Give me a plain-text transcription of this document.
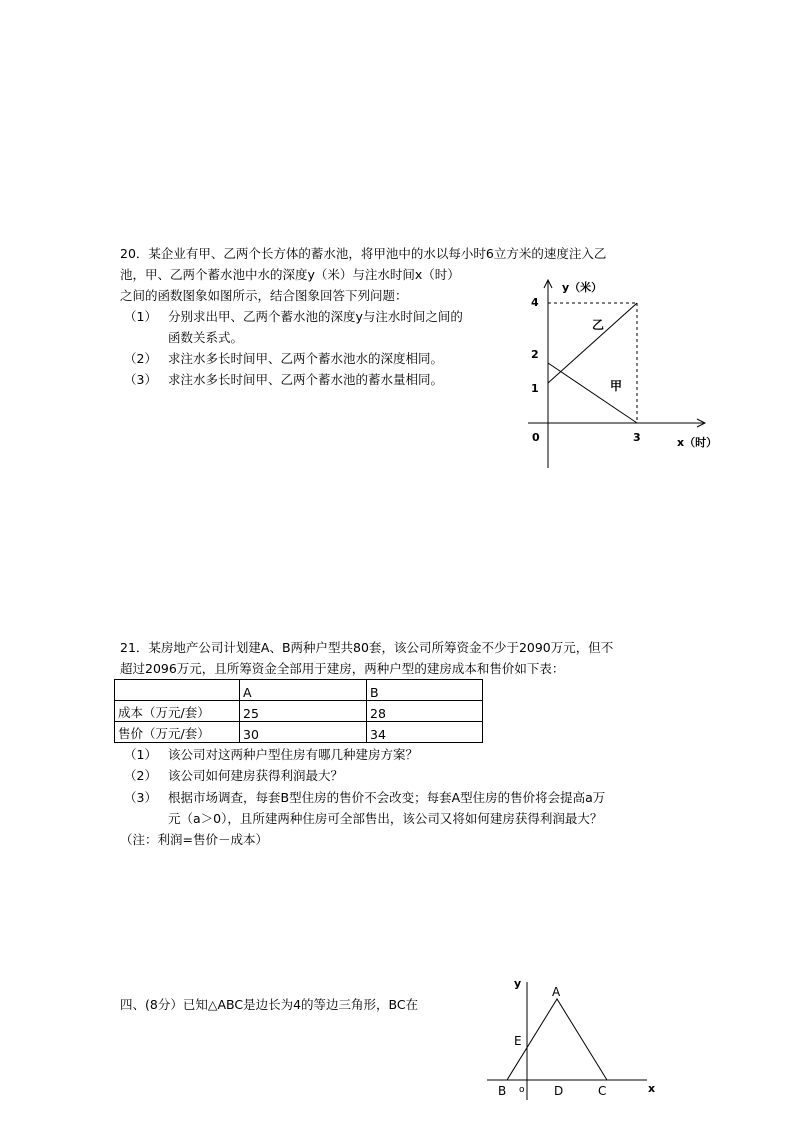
20．某企业有甲、乙两个长方体的蓄水池，将甲池中的水以每小时6立方米的速度注入乙
池，甲、乙两个蓄水池中水的深度y（米）与注水时间x（时）
之间的函数图象如图所示，结合图象回答下列问题：
（1） 分别求出甲、乙两个蓄水池的深度y与注水时间之间的
函数关系式。
（2） 求注水多长时间甲、乙两个蓄水池水的深度相同。
（3） 求注水多长时间甲、乙两个蓄水池的蓄水量相同。
y（米）
4
2
1
0	3	x（时）
乙
甲
21．某房地产公司计划建A、B两种户型共80套，该公司所筹资金不少于2090万元，但不
超过2096万元，且所筹资金全部用于建房，两种户型的建房成本和售价如下表：
	A	B
成本（万元/套）	25	28
售价（万元/套）	30	34
（1） 该公司对这两种户型住房有哪几种建房方案？
（2） 该公司如何建房获得利润最大？
（3） 根据市场调查，每套B型住房的售价不会改变；每套A型住房的售价将会提高a万
元（a＞0），且所建两种住房可全部售出，该公司又将如何建房获得利润最大？
（注：利润=售价－成本）
四、(8分）已知△ABC是边长为4的等边三角形，BC在
y
x
o
A
B	C
D
E
